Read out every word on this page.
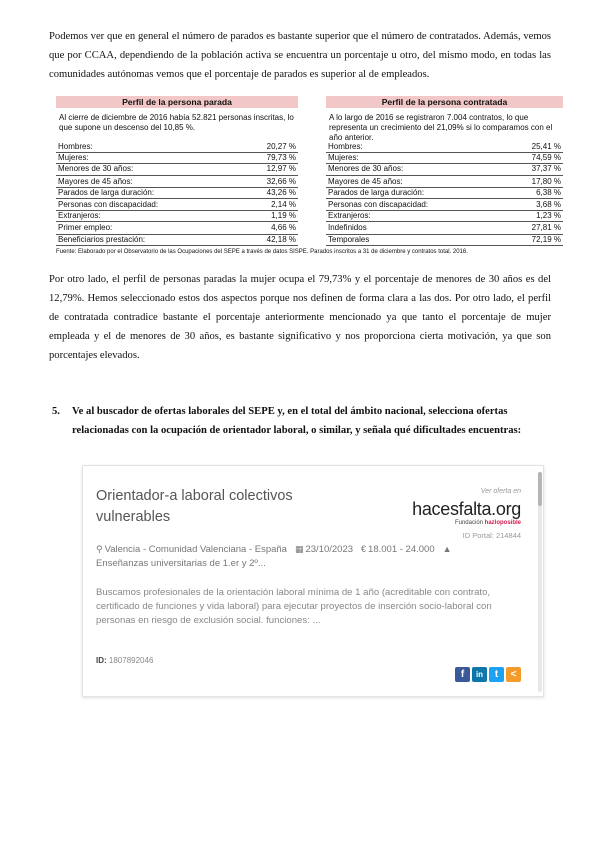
Podemos ver que en general el número de parados es bastante superior que el número de contratados. Además, vemos que por CCAA, dependiendo de la población activa se encuentra un porcentaje u otro, del mismo modo, en todas las comunidades autónomas vemos que el porcentaje de parados es superior al de empleados.
Perfil de la persona parada
Al cierre de diciembre de 2016 había 52.821 personas inscritas, lo que supone un descenso del 10,85 %.
Hombres:	20,27 %
Mujeres:	79,73 %
Menores de 30 años:	12,97 %
Mayores de 45 años:	32,66 %
Parados de larga duración:	43,26 %
Personas con discapacidad:	2,14 %
Extranjeros:	1,19 %
Primer empleo:	4,66 %
Beneficiarios prestación:	42,18 %
Perfil de la persona contratada
A lo largo de 2016 se registraron 7.004 contratos, lo que representa un crecimiento del 21,09% si lo comparamos con el año anterior.
Hombres:	25,41 %
Mujeres:	74,59 %
Menores de 30 años:	37,37 %
Mayores de 45 años:	17,80 %
Parados de larga duración:	6,38 %
Personas con discapacidad:	3,68 %
Extranjeros:	1,23 %
Indefinidos	27,81 %
Temporales	72,19 %
Fuente: Elaborado por el Observatorio de las Ocupaciones del SEPE a través de datos SISPE. Parados inscritos a 31 de diciembre y contratos total. 2016.
Por otro lado, el perfil de personas paradas la mujer ocupa el 79,73% y el porcentaje de menores de 30 años es del 12,79%. Hemos seleccionado estos dos aspectos porque nos definen de forma clara a las dos. Por otro lado, el perfil de contratada contradice bastante el porcentaje anteriormente mencionado ya que tanto el porcentaje de mujer empleada y el de menores de 30 años, es bastante significativo y nos proporciona cierta motivación, ya que son porcentajes elevados.
5. Ve al buscador de ofertas laborales del SEPE y, en el total del ámbito nacional, selecciona ofertas relacionadas con la ocupación de orientador laboral, o similar, y señala qué dificultades encuentras:
Orientador-a laboral colectivos vulnerables
Ver oferta en
hacesfalta.org
Fundación hazloposible
ID Portal: 214844
⚲ Valencia - Comunidad Valenciana - España ▦ 23/10/2023 € 18.001 - 24.000 ▲
Enseñanzas universitarias de 1.er y 2º...
Buscamos profesionales de la orientación laboral mínima de 1 año (acreditable con contrato, certificado de funciones y vida laboral) para ejecutar proyectos de inserción socio-laboral con personas en riesgo de exclusión social. funciones: ...
ID: 1807892046
f	in	t	<
